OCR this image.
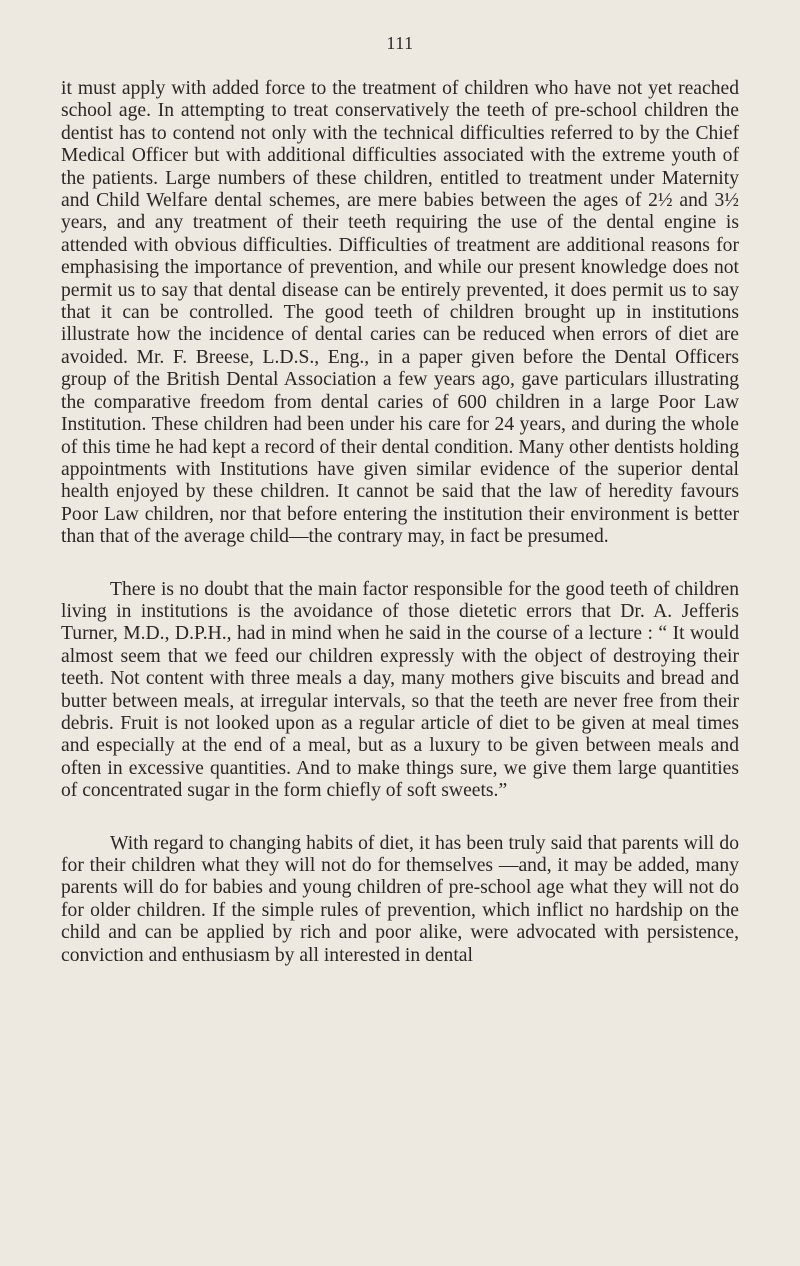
111

it must apply with added force to the treatment of children who have not yet reached school age. In attempting to treat conservatively the teeth of pre-school children the dentist has to contend not only with the technical difficulties referred to by the Chief Medical Officer but with additional difficulties associated with the extreme youth of the patients. Large numbers of these children, entitled to treatment under Maternity and Child Welfare dental schemes, are mere babies between the ages of 2½ and 3½ years, and any treatment of their teeth requiring the use of the dental engine is attended with obvious difficulties. Difficulties of treatment are additional reasons for emphasising the importance of prevention, and while our present knowledge does not permit us to say that dental disease can be entirely prevented, it does permit us to say that it can be controlled. The good teeth of children brought up in institutions illustrate how the incidence of dental caries can be reduced when errors of diet are avoided. Mr. F. Breese, L.D.S., Eng., in a paper given before the Dental Officers group of the British Dental Association a few years ago, gave particulars illustrating the comparative freedom from dental caries of 600 children in a large Poor Law Institution. These children had been under his care for 24 years, and during the whole of this time he had kept a record of their dental condition. Many other dentists holding appointments with Institutions have given similar evidence of the superior dental health enjoyed by these children. It cannot be said that the law of heredity favours Poor Law children, nor that before entering the institution their environment is better than that of the average child—the contrary may, in fact be presumed.

There is no doubt that the main factor responsible for the good teeth of children living in institutions is the avoidance of those dietetic errors that Dr. A. Jefferis Turner, M.D., D.P.H., had in mind when he said in the course of a lecture : “ It would almost seem that we feed our children expressly with the object of destroying their teeth. Not content with three meals a day, many mothers give biscuits and bread and butter between meals, at irregular intervals, so that the teeth are never free from their debris. Fruit is not looked upon as a regular article of diet to be given at meal times and especially at the end of a meal, but as a luxury to be given between meals and often in excessive quantities. And to make things sure, we give them large quantities of concentrated sugar in the form chiefly of soft sweets.”

With regard to changing habits of diet, it has been truly said that parents will do for their children what they will not do for themselves —and, it may be added, many parents will do for babies and young children of pre-school age what they will not do for older children. If the simple rules of prevention, which inflict no hardship on the child and can be applied by rich and poor alike, were advocated with persistence, conviction and enthusiasm by all interested in dental
